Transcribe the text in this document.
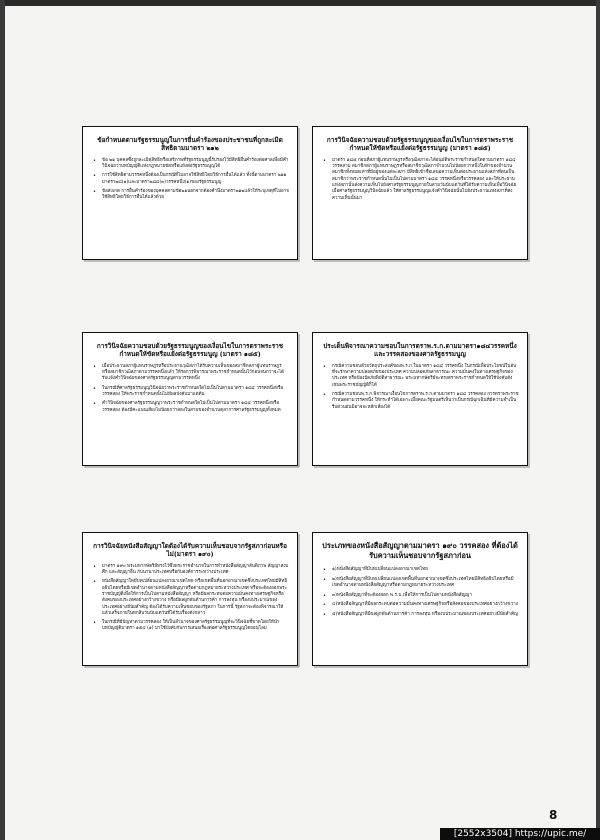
ข้อกำหนดตามรัฐธรรมนูญในการยื่นคำร้องของประชาชนที่ถูกละเมิดสิทธิตามมาตรา ๒๑๒
• ข้อ ๒๑ บุคคลซึ่งถูกละเมิดสิทธิหรือเสรีภาพที่รัฐธรรมนูญนี้รับรองไว้มีสิทธิยื่นคำร้องต่อศาลเพื่อมีคำวินิจฉัยว่าบทบัญญัติแห่งกฎหมายขัดหรือแย้งต่อรัฐธรรมนูญได้
• การใช้สิทธิตามวรรคหนึ่งต้องเป็นกรณีที่ไม่อาจใช้สิทธิโดยวิธีการอื่นได้แล้ว ทั้งนี้ตามมาตรา ๒๑๑ มาตรา๒๘(๑)และมาตรา๒๘๔(๓)วรรคหนึ่ง(๑)ของรัฐธรรมนูญ
• ข้อสังเกต การยื่นคำร้องของบุคคลตามข้อ๒๑นอกจากต้องคำนึงมาตรา๒๑๒แล้วให้ระบุเหตุที่ไม่อาจใช้สิทธิโดยวิธีการอื่นได้แล้วด้วย
การวินิจฉัยความชอบด้วยรัฐธรรมนูญของเงื่อนไขในการตราพระราชกำหนดให้ขัดหรือแย้งต่อรัฐธรรมนูญ (มาตรา ๑๘๕)
• มาตรา ๑๘๕ ก่อนที่สภาผู้แทนราษฎรหรือวุฒิสภาจะได้อนุมัติพระราชกำหนดใดตามมาตรา ๑๘๔ วรรคสาม สมาชิกสภาผู้แทนราษฎรหรือสมาชิกวุฒิสภาจำนวนไม่น้อยกว่าหนึ่งในห้าของจำนวนสมาชิกทั้งหมดเท่าที่มีอยู่ของแต่ละสภา มีสิทธิเข้าชื่อเสนอความเห็นต่อประธานแห่งสภาที่ตนเป็นสมาชิกว่าพระราชกำหนดนั้นไม่เป็นไปตามมาตรา ๑๘๔ วรรคหนึ่งหรือวรรคสอง และให้ประธานแห่งสภานั้นส่งความเห็นไปยังศาลรัฐธรรมนูญภายในสามวันนับแต่วันที่ได้รับความเห็นเพื่อวินิจฉัย เมื่อศาลรัฐธรรมนูญวินิจฉัยแล้ว ให้ศาลรัฐธรรมนูญแจ้งคำวินิจฉัยนั้นไปยังประธานแห่งสภาที่ส่งความเห็นนั้นมา
การวินิจฉัยความชอบด้วยรัฐธรรมนูญของเงื่อนไขในการตราพระราชกำหนดให้ขัดหรือแย้งต่อรัฐธรรมนูญ (มาตรา ๑๘๕)
• เมื่อประธานสภาผู้แทนราษฎรหรือประธานวุฒิสภาได้รับความเห็นของสมาชิกสภาผู้แทนราษฎรหรือสมาชิกวุฒิสภาตามวรรคหนึ่งแล้ว ให้รอการพิจารณาพระราชกำหนดนั้นไว้ก่อนจนกว่าจะได้รับแจ้งคำวินิจฉัยของศาลรัฐธรรมนูญตามวรรคหนึ่ง
• ในกรณีที่ศาลรัฐธรรมนูญวินิจฉัยว่าพระราชกำหนดใดไม่เป็นไปตามมาตรา ๑๘๔ วรรคหนึ่งหรือวรรคสอง ให้พระราชกำหนดนั้นไม่มีผลบังคับมาแต่ต้น
• คำวินิจฉัยของศาลรัฐธรรมนูญว่าพระราชกำหนดใดไม่เป็นไปตามมาตรา ๑๘๔ วรรคหนึ่งหรือวรรคสอง ต้องมีคะแนนเสียงไม่น้อยกว่าสองในสามของจำนวนตุลาการศาลรัฐธรรมนูญทั้งหมด
ประเด็นพิจารณาความชอบในการตราพ.ร.ก.ตามมาตรา๑๘๔วรรคหนึ่งและวรรคสองของศาลรัฐธรรมนูญ
• กรณีความชอบด้วยวัตถุประสงค์ของพ.ร.ก.ในมาตรา ๑๘๔ วรรคหนึ่ง ในกรณีเพื่อประโยชน์ในอันที่จะรักษาความปลอดภัยของประเทศ ความปลอดภัยสาธารณะ ความมั่นคงในทางเศรษฐกิจของประเทศ หรือป้องปัดภัยพิบัติสาธารณะ พระมหากษัตริย์จะทรงตราพระราชกำหนดให้ใช้บังคับดังเช่นพระราชบัญญัติก็ได้
• กรณีความชอบพ.ร.ก.พิจารณาเงื่อนไขการตราพ.ร.ก.ตามมาตรา ๑๘๔ วรรคสอง การตราพระราชกำหนดตามวรรคหนึ่ง ให้กระทำได้เฉพาะเมื่อคณะรัฐมนตรีเห็นว่าเป็นกรณีฉุกเฉินที่มีความจำเป็นรีบด่วนอันมิอาจจะหลีกเลี่ยงได้
การวินิจฉัยหนังสือสัญญาใดต้องได้รับความเห็นชอบจากรัฐสภาก่อนหรือไม่(มาตรา ๑๙๐)
• มาตรา ๑๙๐ พระมหากษัตริย์ทรงไว้ซึ่งพระราชอำนาจในการทำหนังสือสัญญาสันติภาพ สัญญาสงบศึก และสัญญาอื่น กับนานาประเทศหรือกับองค์การระหว่างประเทศ
• หนังสือสัญญาใดมีบทเปลี่ยนแปลงอาณาเขตไทย หรือเขตพื้นที่นอกอาณาเขตซึ่งประเทศไทยมีสิทธิอธิปไตยหรือมีเขตอำนาจตามหนังสือสัญญาหรือตามกฎหมายระหว่างประเทศ หรือจะต้องออกพระราชบัญญัติเพื่อให้การเป็นไปตามหนังสือสัญญา หรือมีผลกระทบต่อความมั่นคงทางเศรษฐกิจหรือสังคมของประเทศอย่างกว้างขวาง หรือมีผลผูกพันด้านการค้า การลงทุน หรืองบประมาณของประเทศอย่างมีนัยสำคัญ ต้องได้รับความเห็นชอบของรัฐสภา ในการนี้ รัฐสภาจะต้องพิจารณาให้แล้วเสร็จภายในหกสิบวันนับแต่วันที่ได้รับเรื่องดังกล่าว
• ในกรณีที่มีปัญหาตามวรรคสอง ให้เป็นอำนาจของศาลรัฐธรรมนูญที่จะวินิจฉัยชี้ขาดโดยให้นำบทบัญญัติมาตรา ๑๕๔ (๑) มาใช้บังคับกับการเสนอเรื่องต่อศาลรัฐธรรมนูญโดยอนุโลม
ประเภทของหนังสือสัญญาตามมาตรา ๑๙๐ วรรคสอง ที่ต้องได้รับความเห็นชอบจากรัฐสภาก่อน
• ๑)หนังสือสัญญาที่มีบทเปลี่ยนแปลงอาณาเขตไทย
• ๒)หนังสือสัญญาที่มีบทเปลี่ยนแปลงเขตพื้นที่นอกอาณาเขตซึ่งประเทศไทยมีสิทธิอธิปไตยหรือมีเขตอำนาจตามหนังสือสัญญาหรือตามกฎหมายระหว่างประเทศ
• ๓)หนังสือสัญญาที่จะต้องออก พ.ร.บ.เพื่อให้การเป็นไปตามหนังสือสัญญา
• ๔)หนังสือสัญญาที่มีผลกระทบต่อความมั่นคงทางเศรษฐกิจหรือสังคมของประเทศอย่างกว้างขวาง
• ๕)หนังสือสัญญาที่มีผลผูกพันด้านการค้า การลงทุน หรืองบประมาณของประเทศอย่างมีนัยสำคัญ
[2552x3504] https://upic.me/
8
